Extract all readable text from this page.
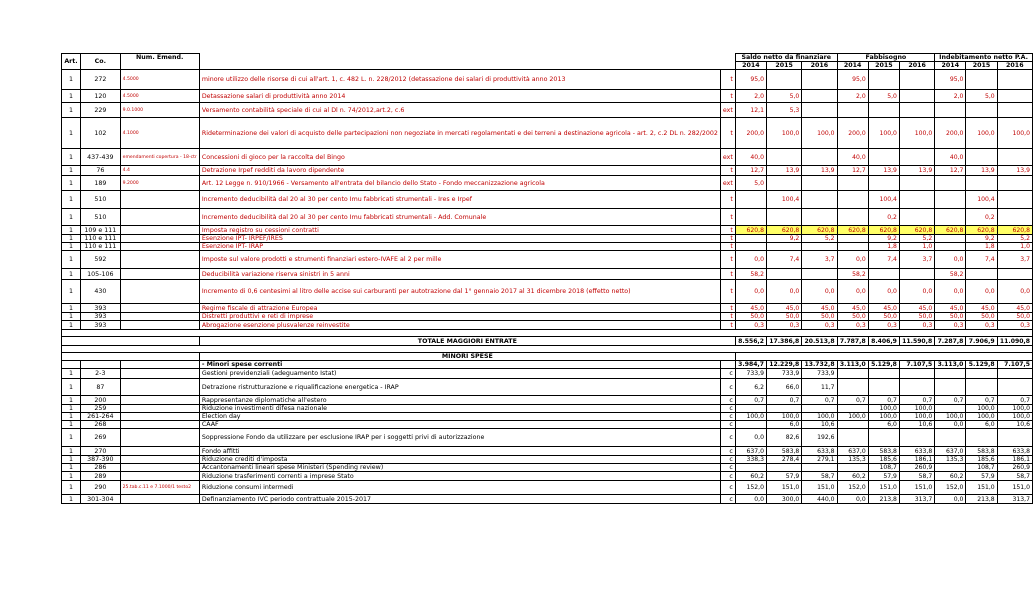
Art.	Co.	Num. Emend.			Saldo netto da finanziare			Fabbisogno			Indebitamento netto P.A.		
					2014	2015	2016	2014	2015	2016	2014	2015	2016
1	272	4.5000	minore utilizzo delle risorse di cui all'art. 1, c. 482 L. n. 228/2012 (detassazione dei salari di produttività anno 2013	t	95,0			95,0			95,0		
1	120	4.5000	Detassazione salari di produttività anno 2014	t	2,0	5,0		2,0	5,0		2,0	5,0	
1	229	9.0.1000	Versamento contabilità speciale di cui al Dl n. 74/2012,art.2, c.6	ext	12,1	5,3							
1	102	4.1000	Rideterminazione dei valori di acquisto delle partecipazioni non negoziate in mercati regolamentati e dei terreni a destinazione agricola - art. 2, c.2 DL n. 282/2002	t	200,0	100,0	100,0	200,0	100,0	100,0	200,0	100,0	100,0
1	437-439	emendamenti copertura - 18-ctr	Concessioni di gioco per la raccolta del Bingo	ext	40,0			40,0			40,0		
1	76	4.4	Detrazione Irpef redditi da lavoro dipendente	t	12,7	13,9	13,9	12,7	13,9	13,9	12,7	13,9	13,9
1	189	9.2000	Art. 12 Legge n. 910/1966 - Versamento all'entrata del bilancio dello Stato - Fondo meccanizzazione agricola	ext	5,0								
1	510		Incremento deducibilità dal 20 al 30 per cento Imu fabbricati strumentali - Ires e Irpef	t		100,4			100,4			100,4	
1	510		Incremento deducibilità dal 20 al 30 per cento Imu fabbricati strumentali - Add. Comunale	t					0,2			0,2	
1	109 e 111		Imposta registro su cessioni contratti	t	620,8	620,8	620,8	620,8	620,8	620,8	620,8	620,8	620,8
1	110 e 111		Esenzione IPT- IRPEF/IRES	t		9,2	5,2		9,2	5,2		9,2	5,2
1	110 e 111		Esenzione IPT- IRAP	t					1,8	1,0		1,8	1,0
1	592		Imposte sul valore prodotti e strumenti finanziari estero-IVAFE al 2 per mille	t	0,0	7,4	3,7	0,0	7,4	3,7	0,0	7,4	3,7
1	105-106		Deducibilità variazione riserva sinistri in 5 anni	t	58,2			58,2			58,2		
1	430		Incremento di 0,6 centesimi al litro delle accise sui carburanti per autotrazione dal 1° gennaio 2017 al 31 dicembre 2018 (effetto netto)	t	0,0	0,0	0,0	0,0	0,0	0,0	0,0	0,0	0,0
1	393		Regime fiscale di attrazione Europea	t	45,0	45,0	45,0	45,0	45,0	45,0	45,0	45,0	45,0
1	393		Distretti produttivi e reti di imprese	t	50,0	50,0	50,0	50,0	50,0	50,0	50,0	50,0	50,0
1	393		Abrogazione esenzione plusvalenze reinvestite	t	0,3	0,3	0,3	0,3	0,3	0,3	0,3	0,3	0,3

			TOTALE MAGGIORI ENTRATE		8.556,2	17.386,8	20.513,8	7.787,8	8.406,9	11.590,8	7.287,8	7.906,9	11.090,8

			MINORI SPESE										
			- Minori spese correnti		3.984,7	12.229,8	13.732,8	3.113,0	5.129,8	7.107,5	3.113,0	5.129,8	7.107,5
1	2-3		Gestioni previdenziali (adeguamento Istat)	c	733,9	733,9	733,9						
1	87		Detrazione ristrutturazione e riqualificazione energetica - IRAP	c	6,2	66,0	11,7						
1	200		Rappresentanze diplomatiche all'estero	c	0,7	0,7	0,7	0,7	0,7	0,7	0,7	0,7	0,7
1	259		Riduzione investimenti difesa nazionale	c					100,0	100,0		100,0	100,0
1	261-264		Election day	c	100,0	100,0	100,0	100,0	100,0	100,0	100,0	100,0	100,0
1	268		CAAF	c		6,0	10,6		6,0	10,6	0,0	6,0	10,6
1	269		Soppressione Fondo da utilizzare per esclusione IRAP per i soggetti privi di autorizzazione	c	0,0	82,6	192,6						
1	270		Fondo affitti	c	637,0	583,8	633,8	637,0	583,8	633,8	637,0	583,8	633,8
1	387-390		Riduzione crediti d'imposta	c	338,3	278,4	279,1	135,3	185,6	186,1	135,3	185,6	186,1
1	286		Accantonamenti lineari spese Ministeri (Spending review)	c					108,7	260,9		108,7	260,9
1	289		Riduzione trasferimenti correnti a imprese Stato	c	60,2	57,9	58,7	60,2	57,9	58,7	60,2	57,9	58,7
1	290	25.tab.c.11 e 7.1000/1 testo2	Riduzione consumi intermedi	c	152,0	151,0	151,0	152,0	151,0	151,0	152,0	151,0	151,0
1	301-304		Definanziamento IVC periodo contrattuale 2015-2017	c	0,0	300,0	440,0	0,0	213,8	313,7	0,0	213,8	313,7
